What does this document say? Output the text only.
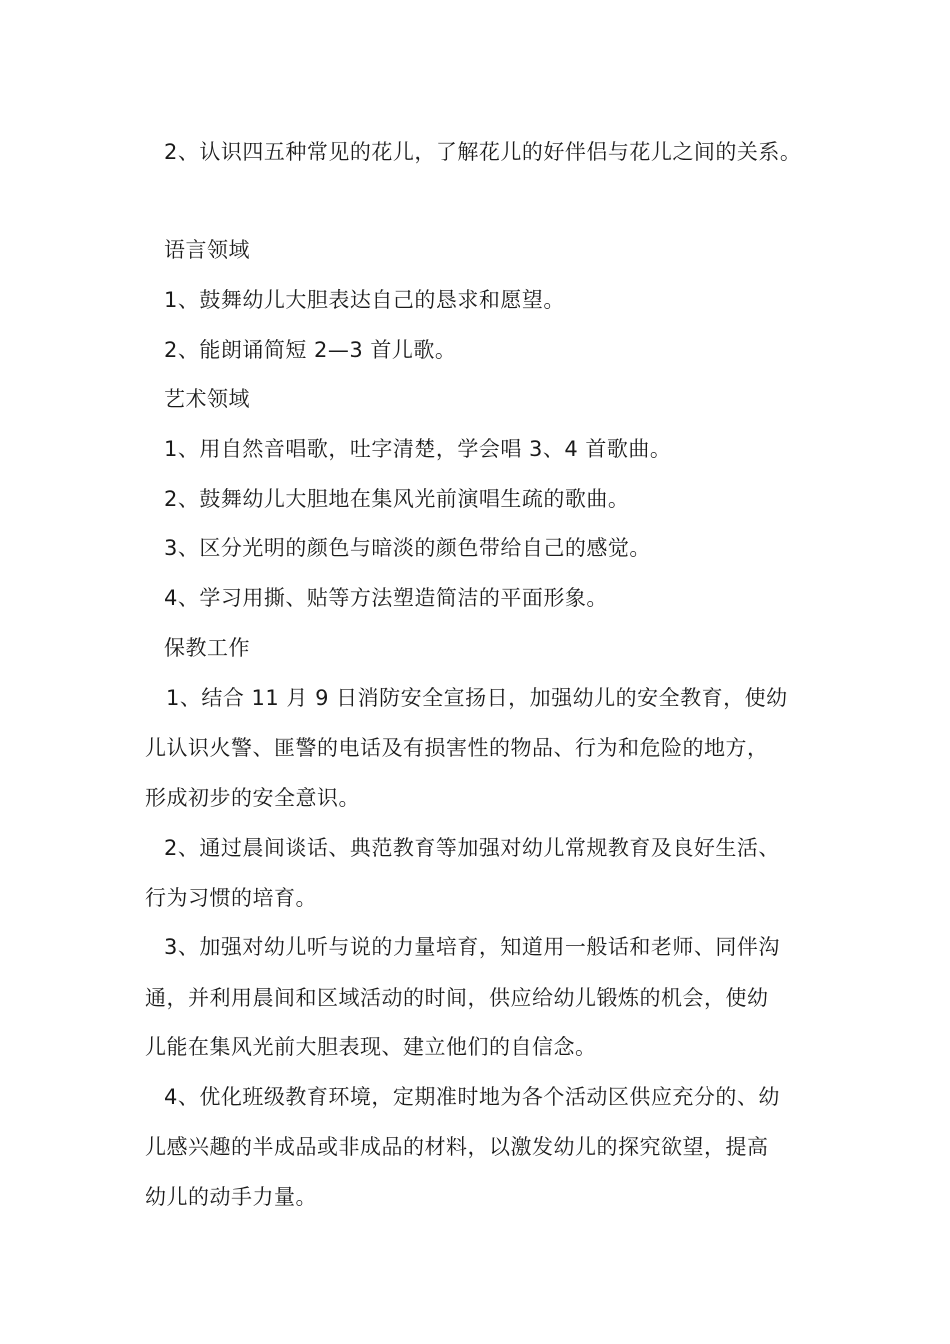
2、认识四五种常见的花儿，了解花儿的好伴侣与花儿之间的关系。
语言领域
1、鼓舞幼儿大胆表达自己的恳求和愿望。
2、能朗诵简短 2—3 首儿歌。
艺术领域
1、用自然音唱歌，吐字清楚，学会唱 3、4 首歌曲。
2、鼓舞幼儿大胆地在集风光前演唱生疏的歌曲。
3、区分光明的颜色与暗淡的颜色带给自己的感觉。
4、学习用撕、贴等方法塑造简洁的平面形象。
保教工作
1、结合 11 月 9 日消防安全宣扬日，加强幼儿的安全教育，使幼
儿认识火警、匪警的电话及有损害性的物品、行为和危险的地方，
形成初步的安全意识。
2、通过晨间谈话、典范教育等加强对幼儿常规教育及良好生活、
行为习惯的培育。
3、加强对幼儿听与说的力量培育，知道用一般话和老师、同伴沟
通，并利用晨间和区域活动的时间，供应给幼儿锻炼的机会，使幼
儿能在集风光前大胆表现、建立他们的自信念。
4、优化班级教育环境，定期准时地为各个活动区供应充分的、幼
儿感兴趣的半成品或非成品的材料，以激发幼儿的探究欲望，提高
幼儿的动手力量。
